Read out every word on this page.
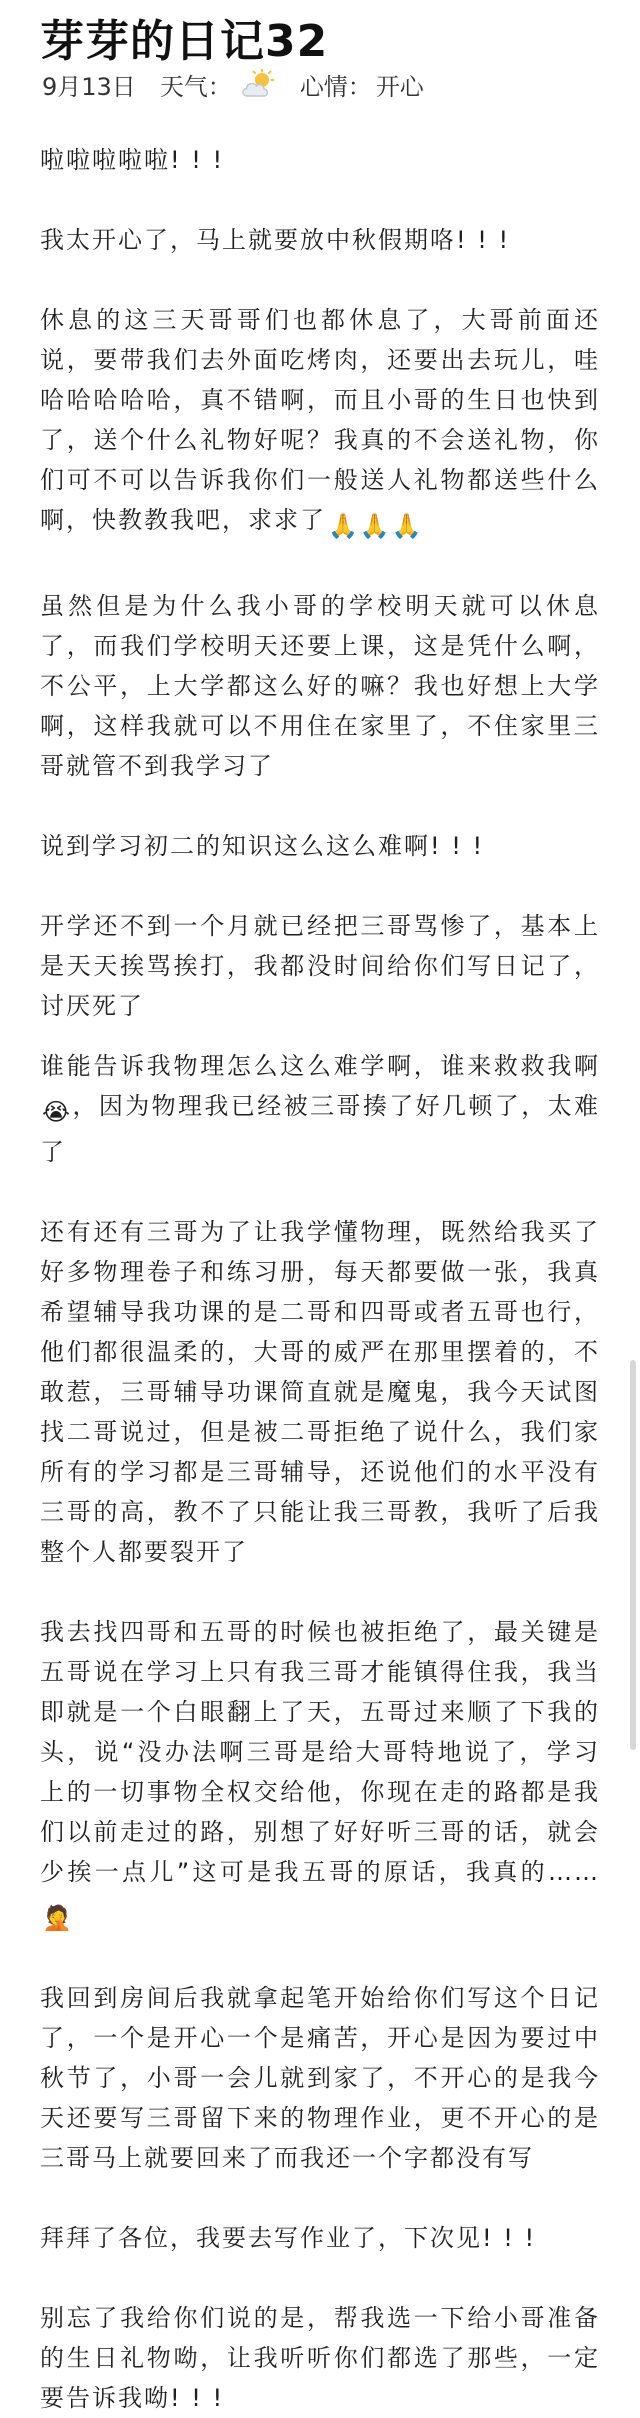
芽芽的日记32
9月13日 天气：	心情： 开心

啦啦啦啦啦! ! !

我太开心了，马上就要放中秋假期咯! ! !

休息的这三天哥哥们也都休息了，大哥前面还说，要带我们去外面吃烤肉，还要出去玩儿，哇哈哈哈哈哈，真不错啊，而且小哥的生日也快到了，送个什么礼物好呢？我真的不会送礼物，你们可不可以告诉我你们一般送人礼物都送些什么啊，快教教我吧，求求了🙏🙏🙏

虽然但是为什么我小哥的学校明天就可以休息了，而我们学校明天还要上课，这是凭什么啊，不公平，上大学都这么好的嘛？我也好想上大学啊，这样我就可以不用住在家里了，不住家里三哥就管不到我学习了

说到学习初二的知识这么这么难啊! ! !

开学还不到一个月就已经把三哥骂惨了，基本上是天天挨骂挨打，我都没时间给你们写日记了，讨厌死了

谁能告诉我物理怎么这么难学啊，谁来救救我啊😭，因为物理我已经被三哥揍了好几顿了，太难了

还有还有三哥为了让我学懂物理，既然给我买了好多物理卷子和练习册，每天都要做一张，我真希望辅导我功课的是二哥和四哥或者五哥也行，他们都很温柔的，大哥的威严在那里摆着的，不敢惹，三哥辅导功课简直就是魔鬼，我今天试图找二哥说过，但是被二哥拒绝了说什么，我们家所有的学习都是三哥辅导，还说他们的水平没有三哥的高，教不了只能让我三哥教，我听了后我整个人都要裂开了

我去找四哥和五哥的时候也被拒绝了，最关键是五哥说在学习上只有我三哥才能镇得住我，我当即就是一个白眼翻上了天，五哥过来顺了下我的头，说“没办法啊三哥是给大哥特地说了，学习上的一切事物全权交给他，你现在走的路都是我们以前走过的路，别想了好好听三哥的话，就会少挨一点儿”这可是我五哥的原话，我真的……🤦

我回到房间后我就拿起笔开始给你们写这个日记了，一个是开心一个是痛苦，开心是因为要过中秋节了，小哥一会儿就到家了，不开心的是我今天还要写三哥留下来的物理作业，更不开心的是三哥马上就要回来了而我还一个字都没有写

拜拜了各位，我要去写作业了，下次见! ! !

别忘了我给你们说的是，帮我选一下给小哥准备的生日礼物呦，让我听听你们都选了那些，一定要告诉我呦! ! !
